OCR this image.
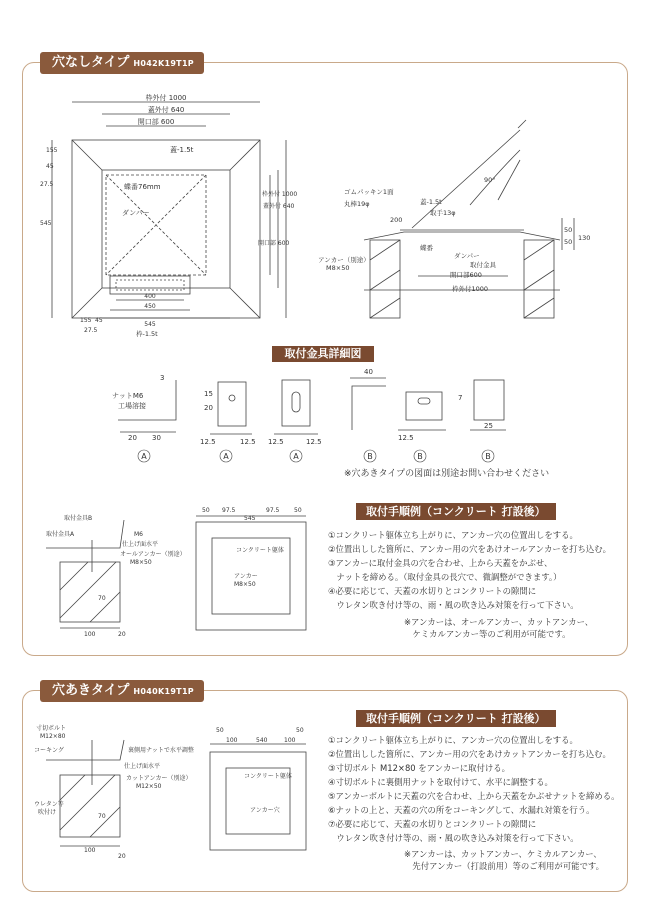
穴なしタイプ H042K19T1P
枠外付 1000
蓋外付 640
開口部 600
蓋-1.5t
蝶番76mm
ダンパー
155
45
27.5
545
開口部 600
蓋外付 640
枠外付 1000
400
450
545
155 45
27.5	枠-1.5t
ゴムパッキン1面
丸棒19φ	蓋-1.5t
取手13φ
90°
蝶番
ダンパー
アンカー（別途）
M8×50	取付金具
開口部600
枠外付1000
200
50
50 130
取付金具詳細図
ナットM6
工場溶接
3
20 30
20
15
12.5	12.5 12.5	12.5
40
12.5
25
7
A	A	A	B	B	B
※穴あきタイプの図面は別途お問い合わせください
取付金具B
取付金具A	M6
仕上げ面水平
オールアンカー（別途）
M8×50
コンクリート躯体
アンカー
M8×50
50 97.5
545
97.5 50
70
100	20
取付手順例（コンクリート 打設後）
①コンクリート躯体立ち上がりに、アンカー穴の位置出しをする。
②位置出しした箇所に、アンカー用の穴をあけオールアンカーを打ち込む。
③アンカーに取付金具の穴を合わせ、上から天蓋をかぶせ、
　ナットを締める。（取付金具の長穴で、微調整ができます。）
④必要に応じて、天蓋の水切りとコンクリートの隙間に
　ウレタン吹き付け等の、雨・風の吹き込み対策を行って下さい。
※アンカーは、オールアンカー、カットアンカー、
　ケミカルアンカー等のご利用が可能です。
穴あきタイプ H040K19T1P
寸切ボルト
M12×80
コーキング	裏側用ナットで水平調整
仕上げ面水平
カットアンカー（別途）
M12×50
ウレタン等
吹付け
コンクリート躯体
アンカー穴
50
100	540	100
50
70
100
20
取付手順例（コンクリート 打設後）
①コンクリート躯体立ち上がりに、アンカー穴の位置出しをする。
②位置出しした箇所に、アンカー用の穴をあけカットアンカーを打ち込む。
③寸切ボルト M12×80 をアンカーに取付ける。
④寸切ボルトに裏側用ナットを取付けて、水平に調整する。
⑤アンカーボルトに天蓋の穴を合わせ、上から天蓋をかぶせナットを締める。
⑥ナットの上と、天蓋の穴の所をコーキングして、水漏れ対策を行う。
⑦必要に応じて、天蓋の水切りとコンクリートの隙間に
　ウレタン吹き付け等の、雨・風の吹き込み対策を行って下さい。
※アンカーは、カットアンカー、ケミカルアンカー、
　先付アンカー（打設前用）等のご利用が可能です。
